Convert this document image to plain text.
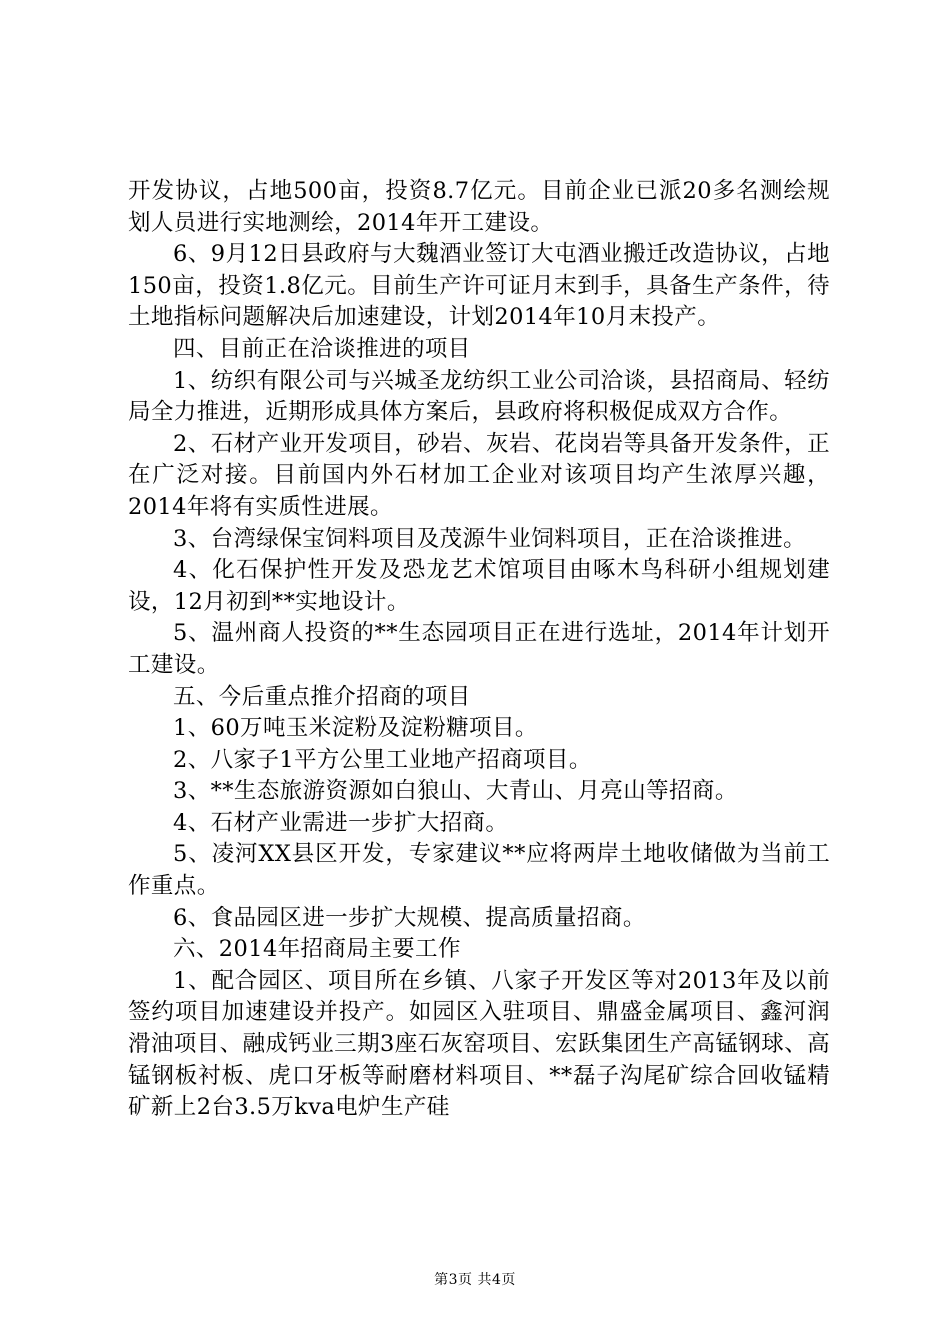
开发协议，占地500亩，投资8.7亿元。目前企业已派20多名测绘规划人员进行实地测绘，2014年开工建设。

6、9月12日县政府与大魏酒业签订大屯酒业搬迁改造协议，占地150亩，投资1.8亿元。目前生产许可证月末到手，具备生产条件，待土地指标问题解决后加速建设，计划2014年10月末投产。

四、目前正在洽谈推进的项目

1、纺织有限公司与兴城圣龙纺织工业公司洽谈，县招商局、轻纺局全力推进，近期形成具体方案后，县政府将积极促成双方合作。

2、石材产业开发项目，砂岩、灰岩、花岗岩等具备开发条件，正在广泛对接。目前国内外石材加工企业对该项目均产生浓厚兴趣，2014年将有实质性进展。

3、台湾绿保宝饲料项目及茂源牛业饲料项目，正在洽谈推进。

4、化石保护性开发及恐龙艺术馆项目由啄木鸟科研小组规划建设，12月初到**实地设计。

5、温州商人投资的**生态园项目正在进行选址，2014年计划开工建设。

五、今后重点推介招商的项目

1、60万吨玉米淀粉及淀粉糖项目。

2、八家子1平方公里工业地产招商项目。

3、**生态旅游资源如白狼山、大青山、月亮山等招商。

4、石材产业需进一步扩大招商。

5、凌河XX县区开发，专家建议**应将两岸土地收储做为当前工作重点。

6、食品园区进一步扩大规模、提高质量招商。

六、2014年招商局主要工作

1、配合园区、项目所在乡镇、八家子开发区等对2013年及以前签约项目加速建设并投产。如园区入驻项目、鼎盛金属项目、鑫河润滑油项目、融成钙业三期3座石灰窑项目、宏跃集团生产高锰钢球、高锰钢板衬板、虎口牙板等耐磨材料项目、**磊子沟尾矿综合回收锰精矿新上2台3.5万kva电炉生产硅

第3页 共4页
